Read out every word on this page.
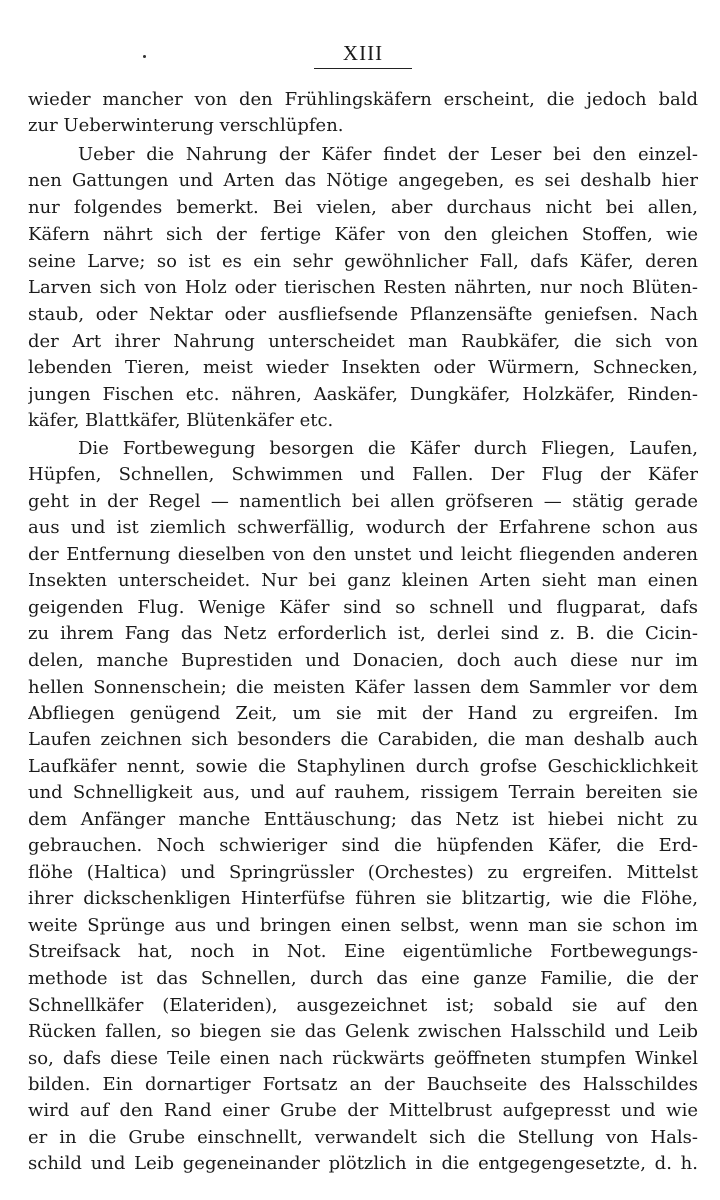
XIII
wieder mancher von den Frühlingskäfern erscheint, die jedoch bald
zur Ueberwinterung verschlüpfen.
Ueber die Nahrung der Käfer findet der Leser bei den einzel-
nen Gattungen und Arten das Nötige angegeben, es sei deshalb hier
nur folgendes bemerkt. Bei vielen, aber durchaus nicht bei allen,
Käfern nährt sich der fertige Käfer von den gleichen Stoffen, wie
seine Larve; so ist es ein sehr gewöhnlicher Fall, dafs Käfer, deren
Larven sich von Holz oder tierischen Resten nährten, nur noch Blüten-
staub, oder Nektar oder ausfliefsende Pflanzensäfte geniefsen. Nach
der Art ihrer Nahrung unterscheidet man Raubkäfer, die sich von
lebenden Tieren, meist wieder Insekten oder Würmern, Schnecken,
jungen Fischen etc. nähren, Aaskäfer, Dungkäfer, Holzkäfer, Rinden-
käfer, Blattkäfer, Blütenkäfer etc.
Die Fortbewegung besorgen die Käfer durch Fliegen, Laufen,
Hüpfen, Schnellen, Schwimmen und Fallen. Der Flug der Käfer
geht in der Regel — namentlich bei allen gröfseren — stätig gerade
aus und ist ziemlich schwerfällig, wodurch der Erfahrene schon aus
der Entfernung dieselben von den unstet und leicht fliegenden anderen
Insekten unterscheidet. Nur bei ganz kleinen Arten sieht man einen
geigenden Flug. Wenige Käfer sind so schnell und flugparat, dafs
zu ihrem Fang das Netz erforderlich ist, derlei sind z. B. die Cicin-
delen, manche Buprestiden und Donacien, doch auch diese nur im
hellen Sonnenschein; die meisten Käfer lassen dem Sammler vor dem
Abfliegen genügend Zeit, um sie mit der Hand zu ergreifen. Im
Laufen zeichnen sich besonders die Carabiden, die man deshalb auch
Laufkäfer nennt, sowie die Staphylinen durch grofse Geschicklichkeit
und Schnelligkeit aus, und auf rauhem, rissigem Terrain bereiten sie
dem Anfänger manche Enttäuschung; das Netz ist hiebei nicht zu
gebrauchen. Noch schwieriger sind die hüpfenden Käfer, die Erd-
flöhe (Haltica) und Springrüssler (Orchestes) zu ergreifen. Mittelst
ihrer dickschenkligen Hinterfüfse führen sie blitzartig, wie die Flöhe,
weite Sprünge aus und bringen einen selbst, wenn man sie schon im
Streifsack hat, noch in Not. Eine eigentümliche Fortbewegungs-
methode ist das Schnellen, durch das eine ganze Familie, die der
Schnellkäfer (Elateriden), ausgezeichnet ist; sobald sie auf den
Rücken fallen, so biegen sie das Gelenk zwischen Halsschild und Leib
so, dafs diese Teile einen nach rückwärts geöffneten stumpfen Winkel
bilden. Ein dornartiger Fortsatz an der Bauchseite des Halsschildes
wird auf den Rand einer Grube der Mittelbrust aufgepresst und wie
er in die Grube einschnellt, verwandelt sich die Stellung von Hals-
schild und Leib gegeneinander plötzlich in die entgegengesetzte, d. h.
